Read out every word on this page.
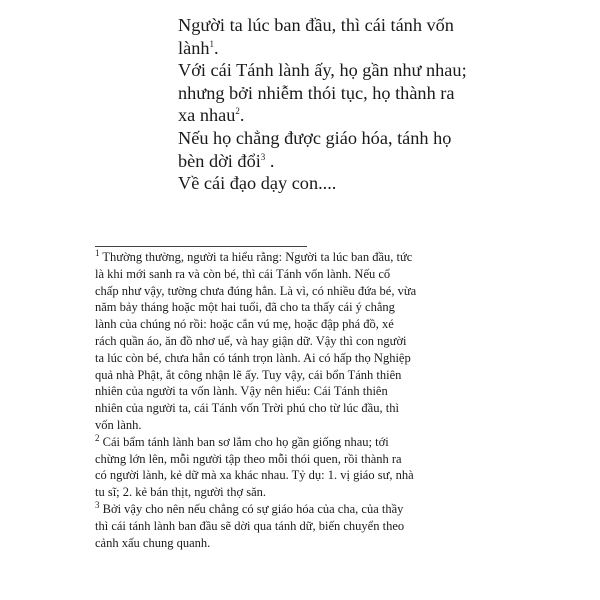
Người ta lúc ban đầu, thì cái tánh vốn

lành$^1$.

Với cái Tánh lành ấy, họ gần như nhau;

nhưng bởi nhiễm thói tục, họ thành ra

xa nhau$^2$.

Nếu họ chẳng được giáo hóa, tánh họ

bèn dời đổi$^3$ .

Về cái đạo dạy con....

$^1$ Thường thường, người ta hiểu rằng: Người ta lúc ban đầu, tức

là khi mới sanh ra và còn bé, thì cái Tánh vốn lành. Nếu cố

chấp như vậy, tường chưa đúng hẳn. Là vì, có nhiều đứa bé, vừa

năm bảy tháng hoặc một hai tuổi, đã cho ta thấy cái ý chẳng

lành của chúng nó rồi: hoặc cắn vú mẹ, hoặc đập phá đồ, xé

rách quần áo, ăn đồ nhơ uế, và hay giận dữ. Vậy thì con người

ta lúc còn bé, chưa hẳn có tánh trọn lành. Ai có hấp thọ Nghiệp

quả nhà Phật, ắt công nhận lẽ ấy. Tuy vậy, cái bổn Tánh thiên

nhiên của người ta vốn lành. Vậy nên hiểu: Cái Tánh thiên

nhiên của người ta, cái Tánh vốn Trời phú cho từ lúc đầu, thì

vốn lành.

$^2$ Cái bẩm tánh lành ban sơ lắm cho họ gần giống nhau; tới

chừng lớn lên, mỗi người tập theo mỗi thói quen, rồi thành ra

có người lành, kẻ dữ mà xa khác nhau. Tỷ dụ: 1. vị giáo sư, nhà

tu sĩ; 2. kẻ bán thịt, người thợ săn.

$^3$ Bởi vậy cho nên nếu chẳng có sự giáo hóa của cha, của thầy

thì cái tánh lành ban đầu sẽ dời qua tánh dữ, biến chuyển theo

cảnh xấu chung quanh.
